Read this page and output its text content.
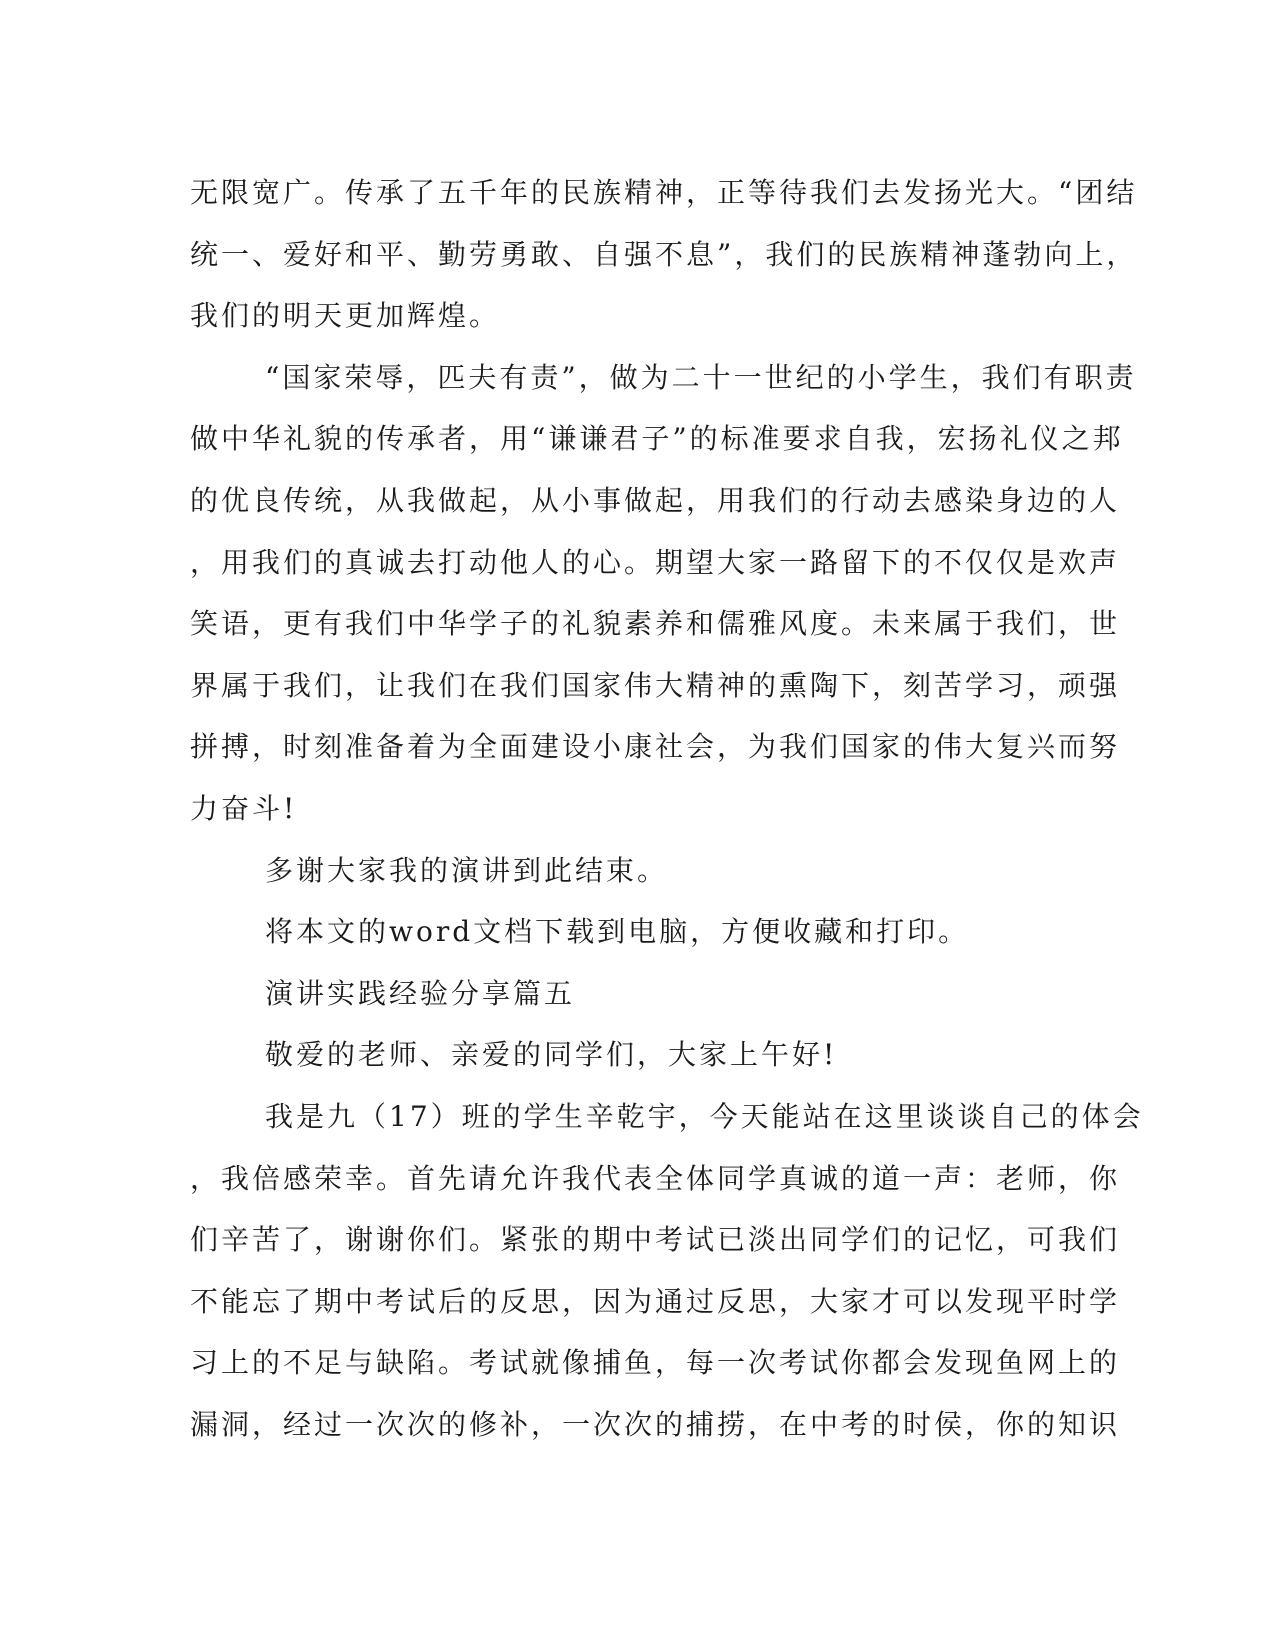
无限宽广。传承了五千年的民族精神，正等待我们去发扬光大。“团结
统一、爱好和平、勤劳勇敢、自强不息”，我们的民族精神蓬勃向上，
我们的明天更加辉煌。
“国家荣辱，匹夫有责”，做为二十一世纪的小学生，我们有职责
做中华礼貌的传承者，用“谦谦君子”的标准要求自我，宏扬礼仪之邦
的优良传统，从我做起，从小事做起，用我们的行动去感染身边的人
，用我们的真诚去打动他人的心。期望大家一路留下的不仅仅是欢声
笑语，更有我们中华学子的礼貌素养和儒雅风度。未来属于我们，世
界属于我们，让我们在我们国家伟大精神的熏陶下，刻苦学习，顽强
拼搏，时刻准备着为全面建设小康社会，为我们国家的伟大复兴而努
力奋斗!
多谢大家我的演讲到此结束。
将本文的word文档下载到电脑，方便收藏和打印。
演讲实践经验分享篇五
敬爱的老师、亲爱的同学们，大家上午好!
我是九（17）班的学生辛乾宇，今天能站在这里谈谈自己的体会
，我倍感荣幸。首先请允许我代表全体同学真诚的道一声：老师，你
们辛苦了，谢谢你们。紧张的期中考试已淡出同学们的记忆，可我们
不能忘了期中考试后的反思，因为通过反思，大家才可以发现平时学
习上的不足与缺陷。考试就像捕鱼，每一次考试你都会发现鱼网上的
漏洞，经过一次次的修补，一次次的捕捞，在中考的时侯，你的知识
